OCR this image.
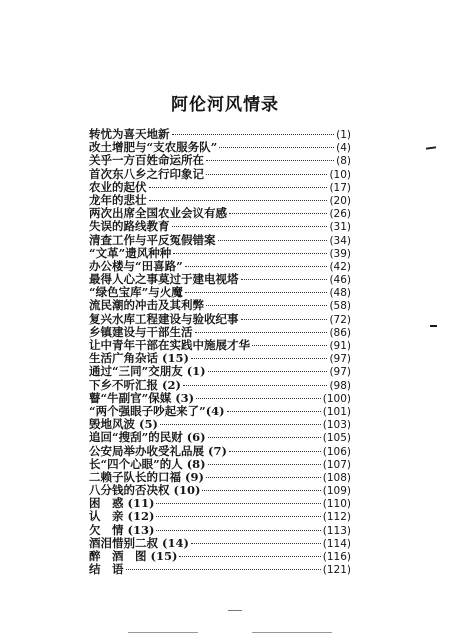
阿伦河风情录
转忧为喜天地新	(1)
改土增肥与“支农服务队”	(4)
关乎一方百姓命运所在	(8)
首次东八乡之行印象记	(10)
农业的起伏	(17)
龙年的悲壮	(20)
两次出席全国农业会议有感	(26)
失误的路线教育	(31)
清查工作与平反冤假错案	(34)
“文革”遗风种种	(39)
办公楼与“田喜路”	(42)
最得人心之事莫过于建电视塔	(46)
“绿色宝库”与火魔	(48)
流民潮的冲击及其利弊	(58)
复兴水库工程建设与验收纪事	(72)
乡镇建设与干部生活	(86)
让中青年干部在实践中施展才华	(91)
生活广角杂话 (15)	(97)
通过“三同”交朋友 (1)	(97)
下乡不听汇报 (2)	(98)
瞽“牛副官”保媒 (3)	(100)
“两个强眼子吵起来了”(4)	(101)
毁地风波 (5)	(103)
追回“搜刮”的民财 (6)	(105)
公安局举办收受礼品展 (7)	(106)
长“四个心眼”的人 (8)	(107)
二赖子队长的口福 (9)	(108)
八分钱的否决权 (10)	(109)
困　惑 (11)	(110)
认　亲 (12)	(112)
欠　情 (13)	(113)
酒泪惜别二叔 (14)	(114)
醉　酒　图 (15)	(116)
结　语	(121)
